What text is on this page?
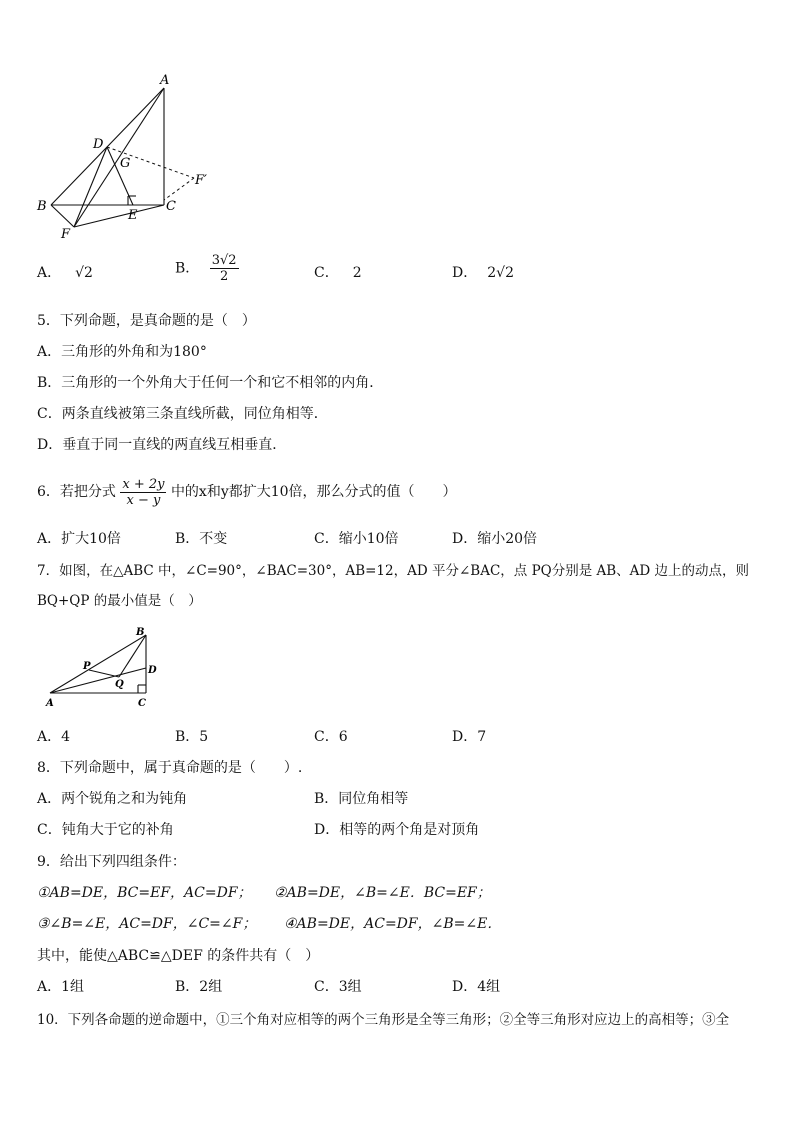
A
D
G
F′
B
E
C
F
A． √2	B． $\frac{3√2}{2}$	C． 2	D． 2√2
5．下列命题，是真命题的是（　）
A．三角形的外角和为180°
B．三角形的一个外角大于任何一个和它不相邻的内角．
C．两条直线被第三条直线所截，同位角相等．
D．垂直于同一直线的两直线互相垂直．
6．若把分式 $\frac{x + 2y}{x - y}$ 中的x和y都扩大10倍，那么分式的值（　　）
A．扩大10倍	B．不变	C．缩小10倍	D．缩小20倍
7．如图，在△ABC 中，∠C=90°，∠BAC=30°，AB=12，AD 平分∠BAC，点 PQ分别是 AB、AD 边上的动点，则
BQ+QP 的最小值是（　）
B
P	D
Q
A	C
A．4	B．5	C．6	D．7
8．下列命题中，属于真命题的是（　　）.
A．两个锐角之和为钝角	B．同位角相等
C．钝角大于它的补角	D．相等的两个角是对顶角
9．给出下列四组条件：
①AB=DE，BC=EF，AC=DF； ②AB=DE，∠B=∠E．BC=EF；
③∠B=∠E，AC=DF，∠C=∠F； ④AB=DE，AC=DF，∠B=∠E．
其中，能使△ABC≌△DEF 的条件共有（　）
A．1组	B．2组	C．3组	D．4组
10．下列各命题的逆命题中，①三个角对应相等的两个三角形是全等三角形；②全等三角形对应边上的高相等；③全
